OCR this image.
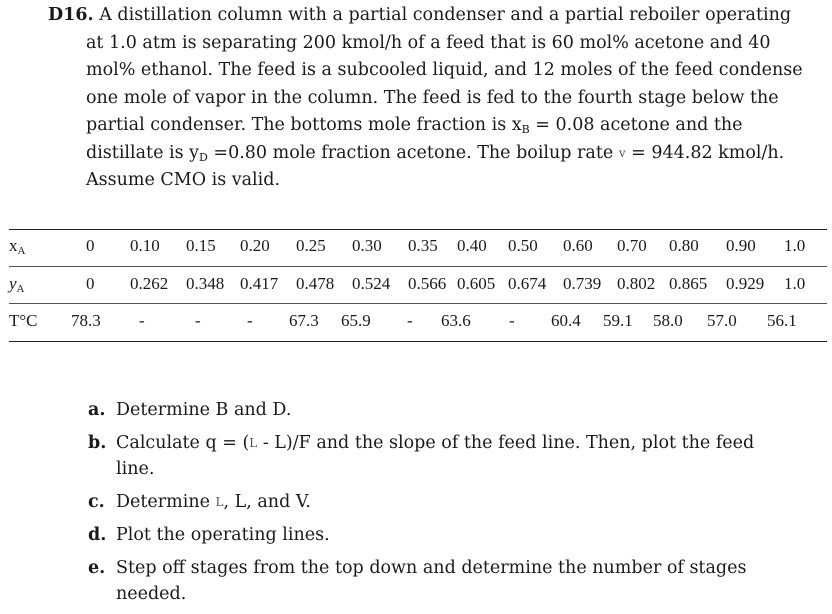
D16. A distillation column with a partial condenser and a partial reboiler operating at 1.0 atm is separating 200 kmol/h of a feed that is 60 mol% acetone and 40 mol% ethanol. The feed is a subcooled liquid, and 12 moles of the feed condense one mole of vapor in the column. The feed is fed to the fourth stage below the partial condenser. The bottoms mole fraction is $x_B = 0.08$ acetone and the distillate is $y_D =0.80$ mole fraction acetone. The boilup rate v = 944.82 kmol/h. Assume CMO is valid.
$x_A$	0 0.10 0.15 0.20 0.25 0.30 0.35 0.40 0.50 0.60 0.70 0.80 0.90 1.0
$y_A$	0 0.262 0.348 0.417 0.478 0.524 0.566 0.605 0.674 0.739 0.802 0.865 0.929 1.0
T°C 78.3 -	-	- 67.3 65.9 - 63.6 - 60.4 59.1 58.0 57.0 56.1
a. Determine B and D.
b. Calculate q = (L - L)/F and the slope of the feed line. Then, plot the feed line.
c. Determine L, L, and V.
d. Plot the operating lines.
e. Step off stages from the top down and determine the number of stages needed.
